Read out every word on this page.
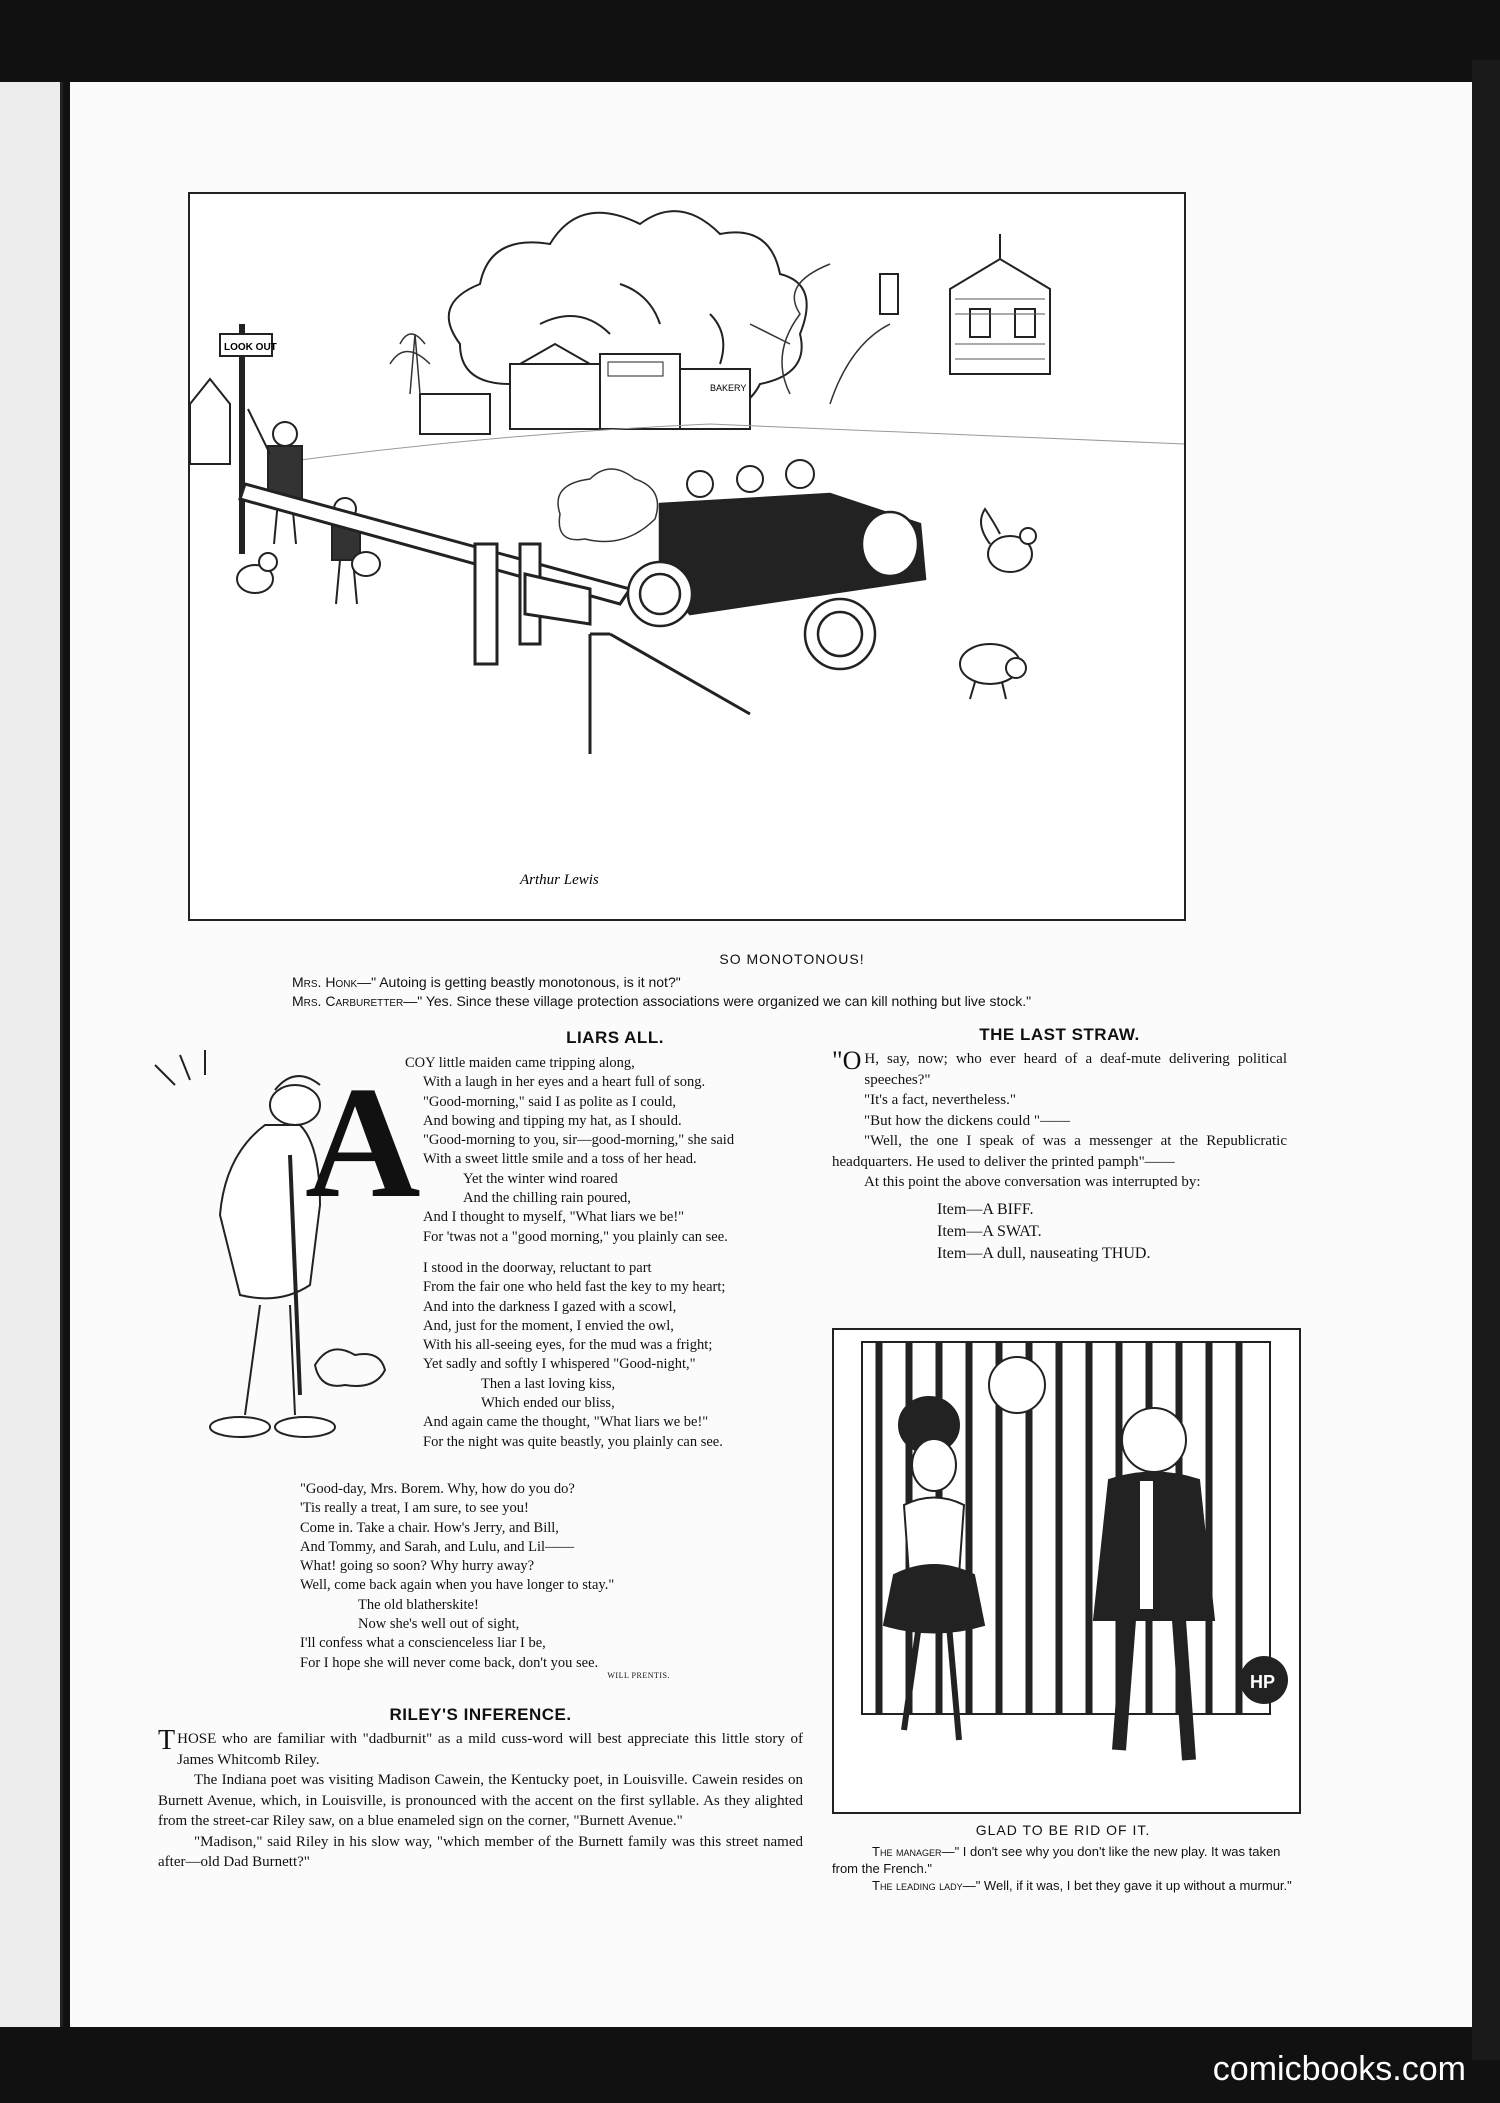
BAKERY
LOOK OUT
Arthur Lewis
SO MONOTONOUS!
Mrs. Honk—" Autoing is getting beastly monotonous, is it not?"
Mrs. Carburetter—" Yes. Since these village protection associations were organized we can kill nothing but live stock."
A
LIARS ALL.
COY little maiden came tripping along,
With a laugh in her eyes and a heart full of song.
"Good-morning," said I as polite as I could,
And bowing and tipping my hat, as I should.
"Good-morning to you, sir—good-morning," she said
With a sweet little smile and a toss of her head.
Yet the winter wind roared
And the chilling rain poured,
And I thought to myself, "What liars we be!"
For 'twas not a "good morning," you plainly can see.
I stood in the doorway, reluctant to part
From the fair one who held fast the key to my heart;
And into the darkness I gazed with a scowl,
And, just for the moment, I envied the owl,
With his all-seeing eyes, for the mud was a fright;
Yet sadly and softly I whispered "Good-night,"
Then a last loving kiss,
Which ended our bliss,
And again came the thought, "What liars we be!"
For the night was quite beastly, you plainly can see.
"Good-day, Mrs. Borem. Why, how do you do?
'Tis really a treat, I am sure, to see you!
Come in. Take a chair. How's Jerry, and Bill,
And Tommy, and Sarah, and Lulu, and Lil——
What! going so soon? Why hurry away?
Well, come back again when you have longer to stay."
The old blatherskite!
Now she's well out of sight,
I'll confess what a conscienceless liar I be,
For I hope she will never come back, don't you see.
WILL PRENTIS.
RILEY'S INFERENCE.

THOSE who are familiar with "dadburnit" as a mild cuss-word will best appreciate this little story of James Whitcomb Riley.

The Indiana poet was visiting Madison Cawein, the Kentucky poet, in Louisville. Cawein resides on Burnett Avenue, which, in Louisville, is pronounced with the accent on the first syllable. As they alighted from the street-car Riley saw, on a blue enameled sign on the corner, "Burnett Avenue."

"Madison," said Riley in his slow way, "which member of the Burnett family was this street named after—old Dad Burnett?"

THE LAST STRAW.

"O H, say, now; who ever heard of a deaf-mute delivering political speeches?"

"It's a fact, nevertheless."

"But how the dickens could "——

"Well, the one I speak of was a messenger at the Republicratic headquarters. He used to deliver the printed pamph"——

At this point the above conversation was interrupted by:

Item—A BIFF.
Item—A SWAT.
Item—A dull, nauseating THUD.
HP
GLAD TO BE RID OF IT.
The manager—" I don't see why you don't like the new play. It was taken from the French."
The leading lady—" Well, if it was, I bet they gave it up without a murmur."
comicbooks.com
